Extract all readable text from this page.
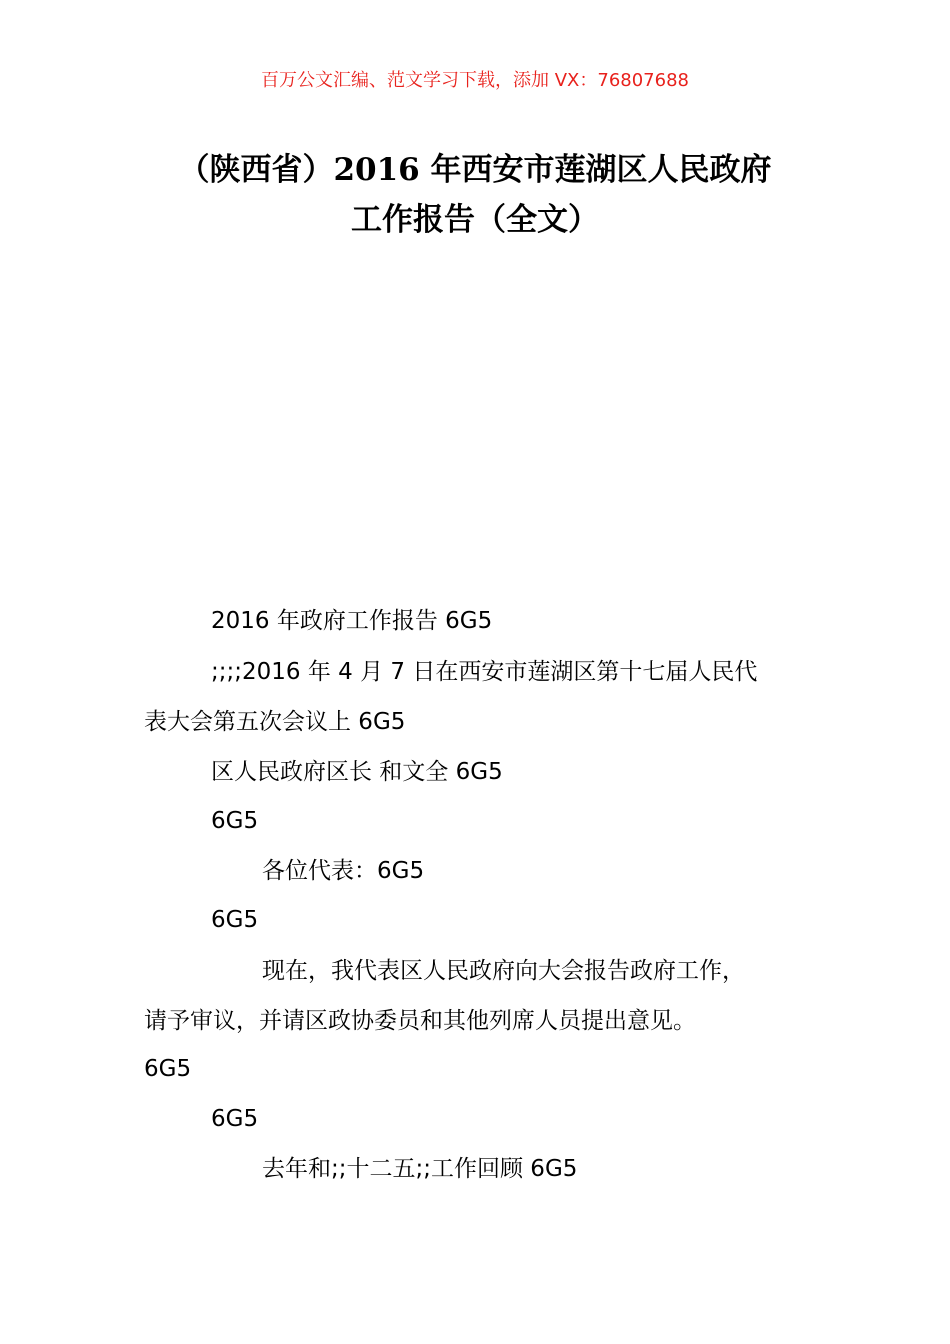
百万公文汇编、范文学习下载，添加 VX：76807688
（陕西省）2016 年西安市莲湖区人民政府
工作报告（全文）
2016 年政府工作报告 6G5
;;;;2016 年 4 月 7 日在西安市莲湖区第十七届人民代
表大会第五次会议上 6G5
区人民政府区长 和文全 6G5
6G5
各位代表：6G5
6G5
现在，我代表区人民政府向大会报告政府工作，
请予审议，并请区政协委员和其他列席人员提出意见。
6G5
6G5
去年和;;十二五;;工作回顾 6G5
